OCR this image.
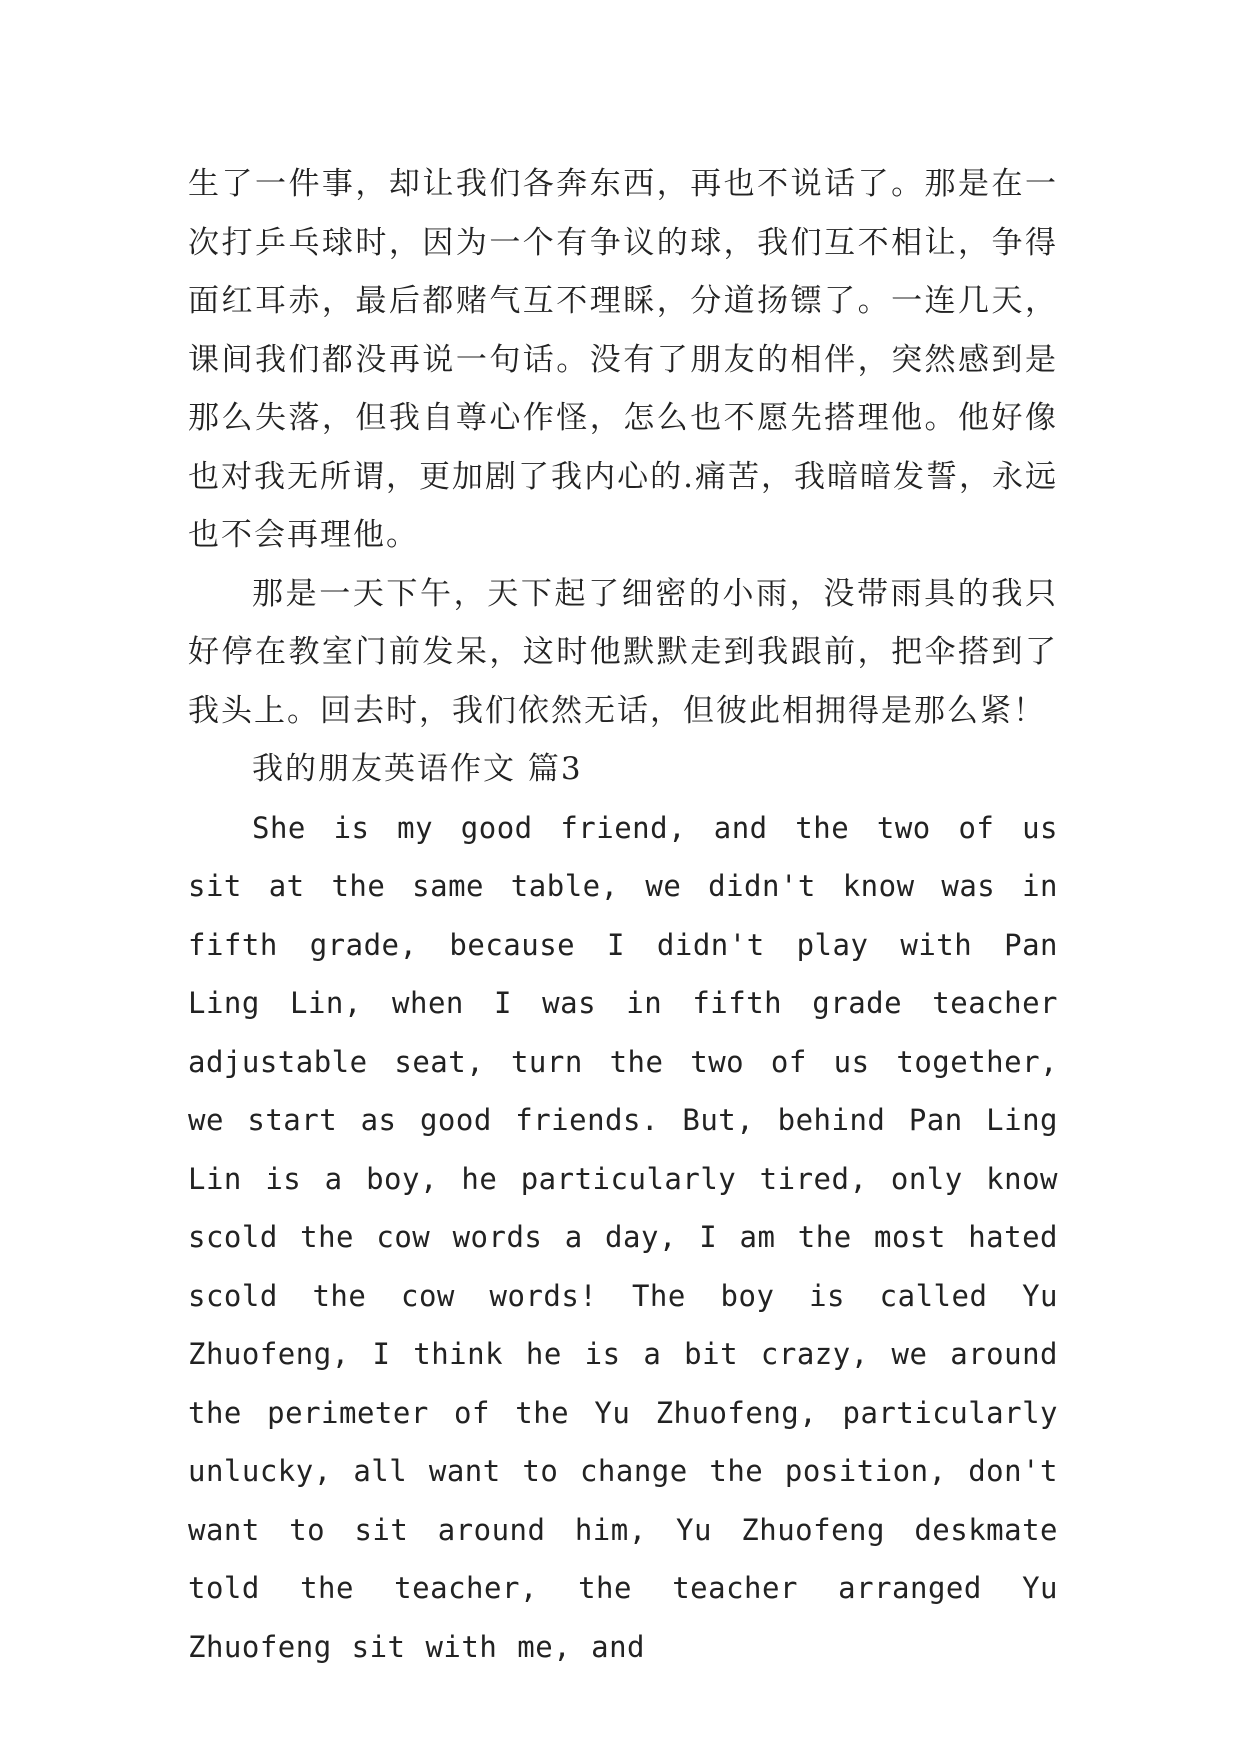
生了一件事，却让我们各奔东西，再也不说话了。那是在一次打乒乓球时，因为一个有争议的球，我们互不相让，争得面红耳赤，最后都赌气互不理睬，分道扬镖了。一连几天，课间我们都没再说一句话。没有了朋友的相伴，突然感到是那么失落，但我自尊心作怪，怎么也不愿先搭理他。他好像也对我无所谓，更加剧了我内心的.痛苦，我暗暗发誓，永远也不会再理他。

那是一天下午，天下起了细密的小雨，没带雨具的我只好停在教室门前发呆，这时他默默走到我跟前，把伞搭到了我头上。回去时，我们依然无话，但彼此相拥得是那么紧！

我的朋友英语作文 篇3

She is my good friend, and the two of us sit at the same table, we didn't know was in fifth grade, because I didn't play with Pan Ling Lin, when I was in fifth grade teacher adjustable seat, turn the two of us together, we start as good friends. But, behind Pan Ling Lin is a boy, he particularly tired, only know scold the cow words a day, I am the most hated scold the cow words! The boy is called Yu Zhuofeng, I think he is a bit crazy, we around the perimeter of the Yu Zhuofeng, particularly unlucky, all want to change the position, don't want to sit around him, Yu Zhuofeng deskmate told the teacher, the teacher arranged Yu Zhuofeng sit with me, and
